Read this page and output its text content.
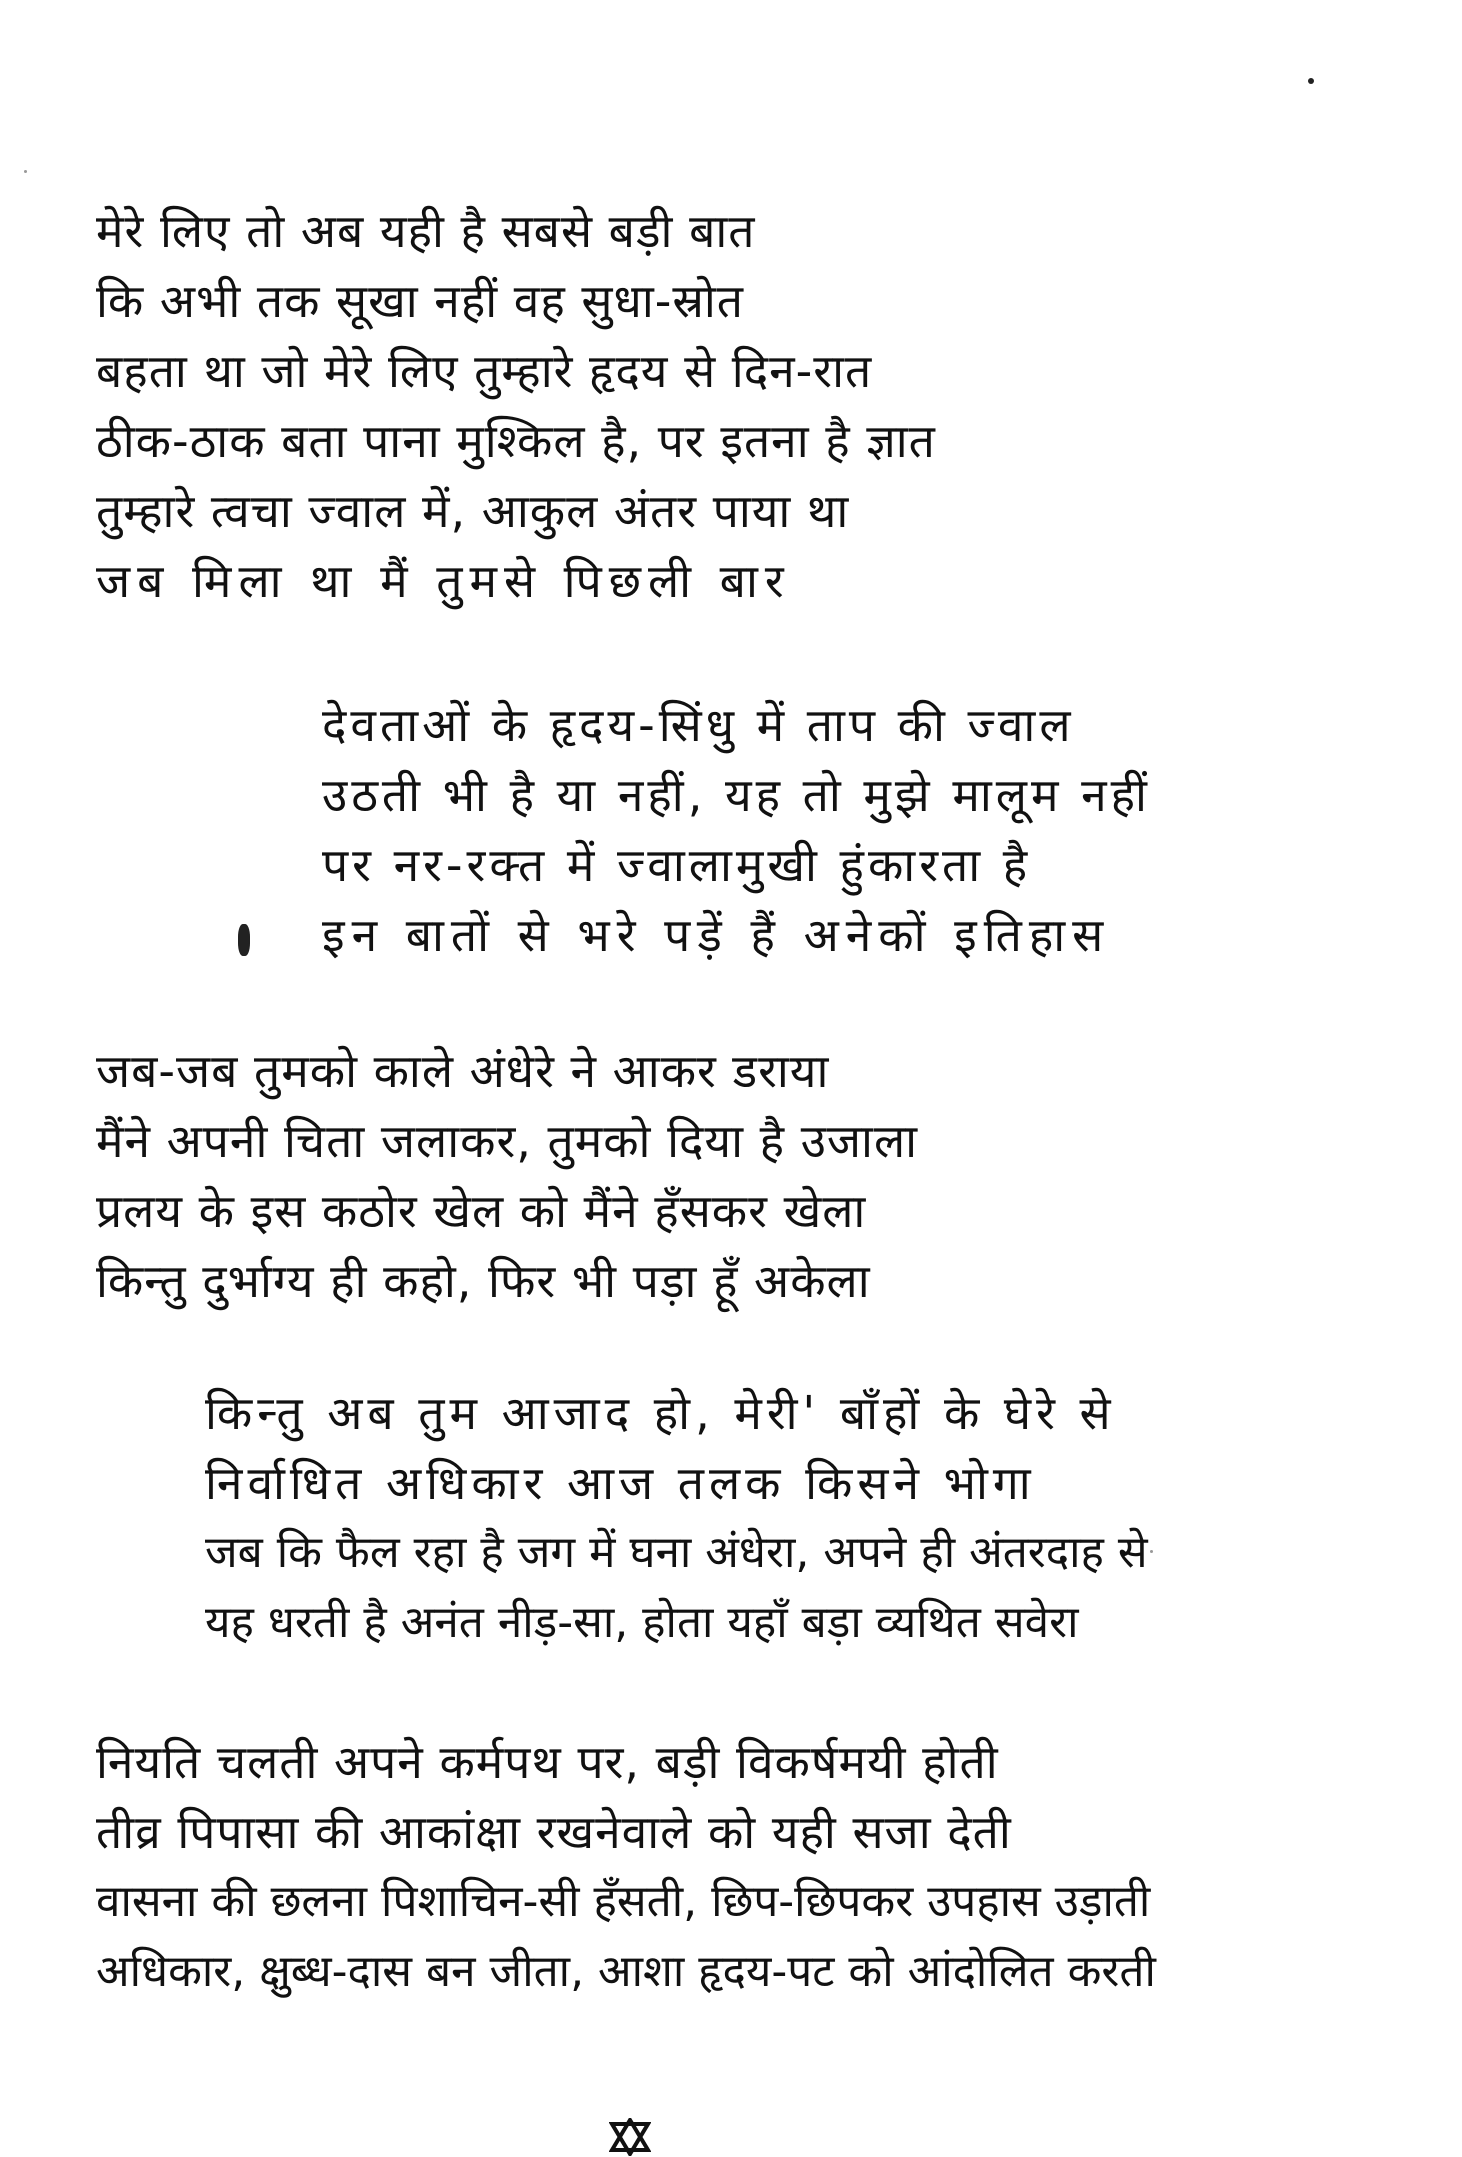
मेरे लिए तो अब यही है सबसे बड़ी बात
कि अभी तक सूखा नहीं वह सुधा-स्रोत
बहता था जो मेरे लिए तुम्हारे हृदय से दिन-रात
ठीक-ठाक बता पाना मुश्किल है, पर इतना है ज्ञात
तुम्हारे त्वचा ज्वाल में, आकुल अंतर पाया था
जब मिला था मैं तुमसे पिछली बार
देवताओं के हृदय-सिंधु में ताप की ज्वाल
उठती भी है या नहीं, यह तो मुझे मालूम नहीं
पर नर-रक्त में ज्वालामुखी हुंकारता है
इन बातों से भरे पड़ें हैं अनेकों इतिहास
जब-जब तुमको काले अंधेरे ने आकर डराया
मैंने अपनी चिता जलाकर, तुमको दिया है उजाला
प्रलय के इस कठोर खेल को मैंने हँसकर खेला
किन्तु दुर्भाग्य ही कहो, फिर भी पड़ा हूँ अकेला
किन्तु अब तुम आजाद हो, मेरी' बाँहों के घेरे से
निर्वाधित अधिकार आज तलक किसने भोगा
जब कि फैल रहा है जग में घना अंधेरा, अपने ही अंतरदाह से
यह धरती है अनंत नीड़-सा, होता यहाँ बड़ा व्यथित सवेरा
नियति चलती अपने कर्मपथ पर, बड़ी विकर्षमयी होती
तीव्र पिपासा की आकांक्षा रखनेवाले को यही सजा देती
वासना की छलना पिशाचिन-सी हँसती, छिप-छिपकर उपहास उड़ाती
अधिकार, क्षुब्ध-दास बन जीता, आशा हृदय-पट को आंदोलित करती
